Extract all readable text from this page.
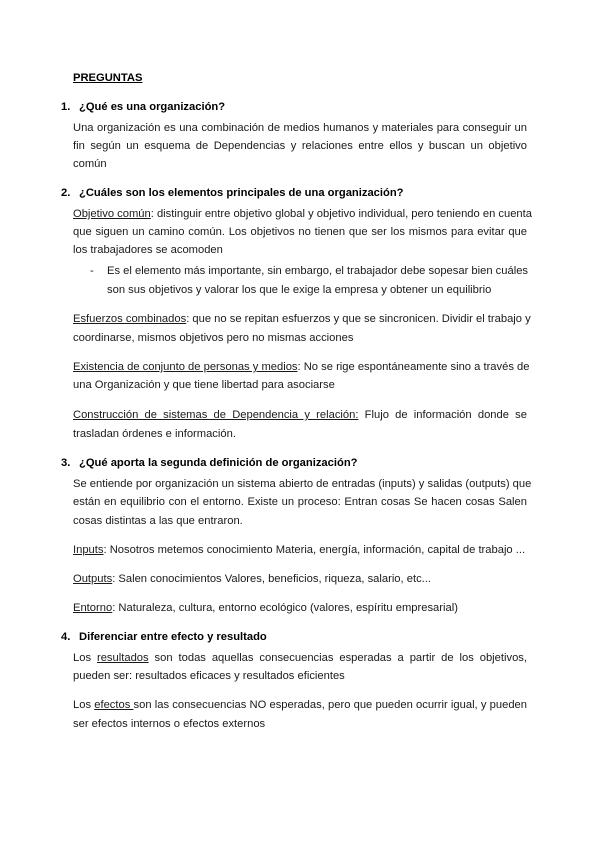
PREGUNTAS
1. ¿Qué es una organización?
Una organización es una combinación de medios humanos y materiales para conseguir un
fin según un esquema de Dependencias y relaciones entre ellos y buscan un objetivo
común
2. ¿Cuáles son los elementos principales de una organización?
Objetivo común: distinguir entre objetivo global y objetivo individual, pero teniendo en cuenta
que siguen un camino común. Los objetivos no tienen que ser los mismos para evitar que
los trabajadores se acomoden
- Es el elemento más importante, sin embargo, el trabajador debe sopesar bien cuáles
son sus objetivos y valorar los que le exige la empresa y obtener un equilibrio
Esfuerzos combinados: que no se repitan esfuerzos y que se sincronicen. Dividir el trabajo y
coordinarse, mismos objetivos pero no mismas acciones
Existencia de conjunto de personas y medios: No se rige espontáneamente sino a través de
una Organización y que tiene libertad para asociarse
Construcción de sistemas de Dependencia y relación: Flujo de información donde se
trasladan órdenes e información.
3. ¿Qué aporta la segunda definición de organización?
Se entiende por organización un sistema abierto de entradas (inputs) y salidas (outputs) que
están en equilibrio con el entorno. Existe un proceso: Entran cosas Se hacen cosas Salen
cosas distintas a las que entraron.
Inputs: Nosotros metemos conocimiento Materia, energía, información, capital de trabajo ...
Outputs: Salen conocimientos Valores, beneficios, riqueza, salario, etc...
Entorno: Naturaleza, cultura, entorno ecológico (valores, espíritu empresarial)
4. Diferenciar entre efecto y resultado
Los resultados son todas aquellas consecuencias esperadas a partir de los objetivos,
pueden ser: resultados eficaces y resultados eficientes
Los efectos son las consecuencias NO esperadas, pero que pueden ocurrir igual, y pueden
ser efectos internos o efectos externos
